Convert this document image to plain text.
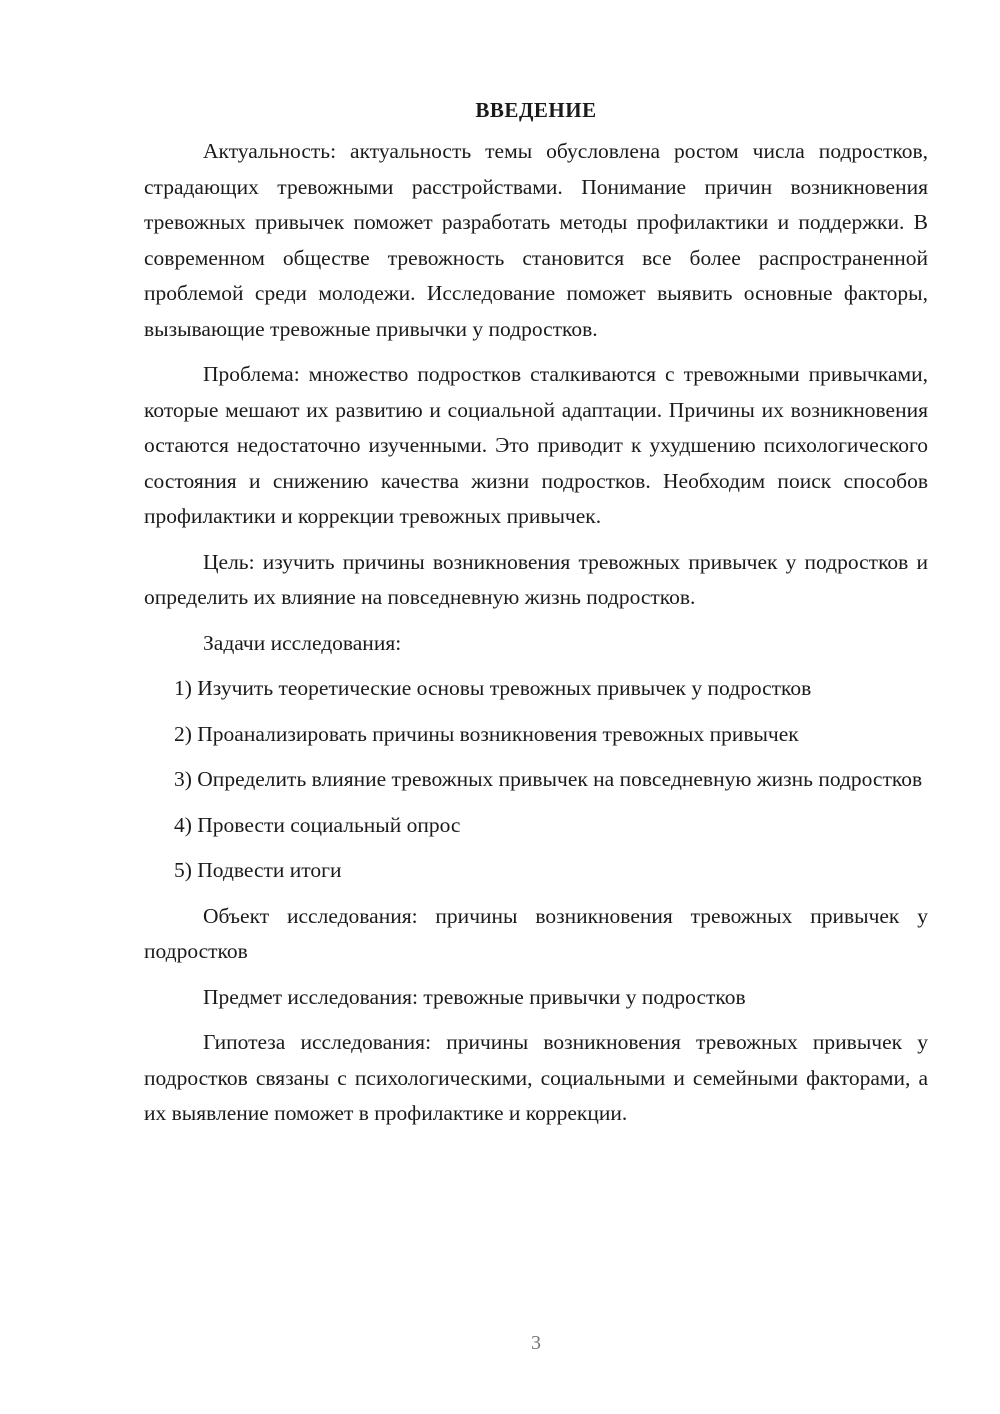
ВВЕДЕНИЕ

Актуальность: актуальность темы обусловлена ростом числа подростков, страдающих тревожными расстройствами. Понимание причин возникновения тревожных привычек поможет разработать методы профилактики и поддержки. В современном обществе тревожность становится все более распространенной проблемой среди молодежи. Исследование поможет выявить основные факторы, вызывающие тревожные привычки у подростков.

Проблема: множество подростков сталкиваются с тревожными привычками, которые мешают их развитию и социальной адаптации. Причины их возникновения остаются недостаточно изученными. Это приводит к ухудшению психологического состояния и снижению качества жизни подростков. Необходим поиск способов профилактики и коррекции тревожных привычек.

Цель: изучить причины возникновения тревожных привычек у подростков и определить их влияние на повседневную жизнь подростков.

Задачи исследования:

1) Изучить теоретические основы тревожных привычек у подростков

2) Проанализировать причины возникновения тревожных привычек

3) Определить влияние тревожных привычек на повседневную жизнь подростков

4) Провести социальный опрос

5) Подвести итоги

Объект исследования: причины возникновения тревожных привычек у подростков

Предмет исследования: тревожные привычки у подростков

Гипотеза исследования: причины возникновения тревожных привычек у подростков связаны с психологическими, социальными и семейными факторами, а их выявление поможет в профилактике и коррекции.

3
